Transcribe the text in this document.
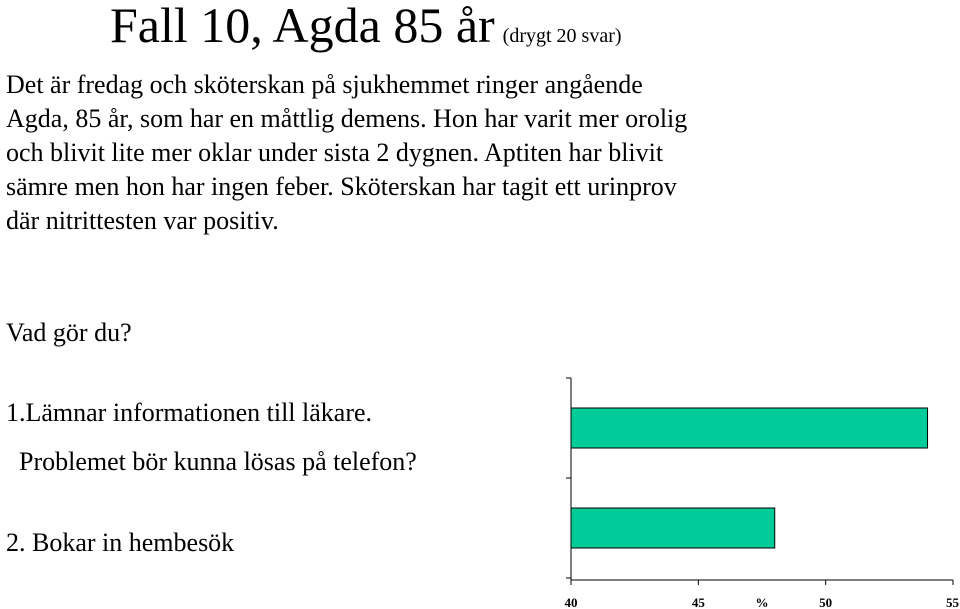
Fall 10, Agda 85 år (drygt 20 svar)

Det är fredag och sköterskan på sjukhemmet ringer angående
Agda, 85 år, som har en måttlig demens. Hon har varit mer orolig
och blivit lite mer oklar under sista 2 dygnen. Aptiten har blivit
sämre men hon har ingen feber. Sköterskan har tagit ett urinprov
där nitrittesten var positiv.

Vad gör du?
1.Lämnar informationen till läkare.
Problemet bör kunna lösas på telefon?
2. Bokar in hembesök
40	45	50	55
%
